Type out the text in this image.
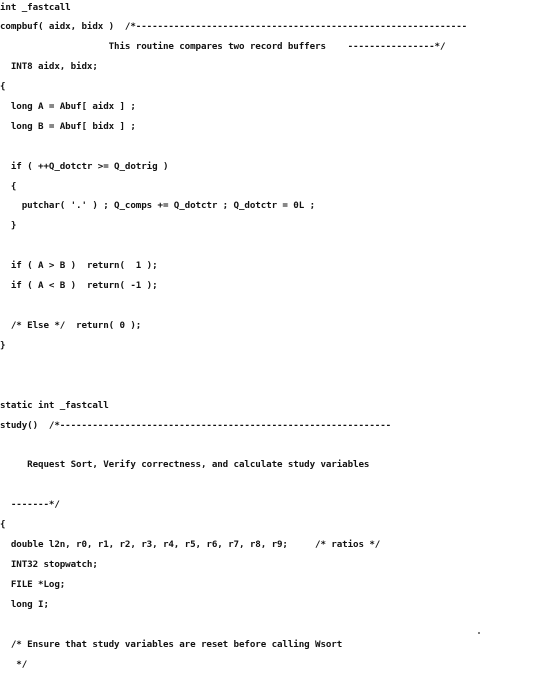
int _fastcall
compbuf( aidx, bidx )  /*-------------------------------------------------------------
This routine compares two record buffers    ----------------*/
INT8 aidx, bidx;
{
long A = Abuf[ aidx ] ;
long B = Abuf[ bidx ] ;
if ( ++Q_dotctr >= Q_dotrig )
{
putchar( '.' ) ; Q_comps += Q_dotctr ; Q_dotctr = 0L ;
}
if ( A > B )  return(  1 );
if ( A < B )  return( -1 );
/* Else */  return( 0 );
}
static int _fastcall
study()  /*-------------------------------------------------------------
Request Sort, Verify correctness, and calculate study variables
-------*/
{
double l2n, r0, r1, r2, r3, r4, r5, r6, r7, r8, r9;     /* ratios */
INT32 stopwatch;
FILE *Log;
long I;
/* Ensure that study variables are reset before calling Wsort
*/
